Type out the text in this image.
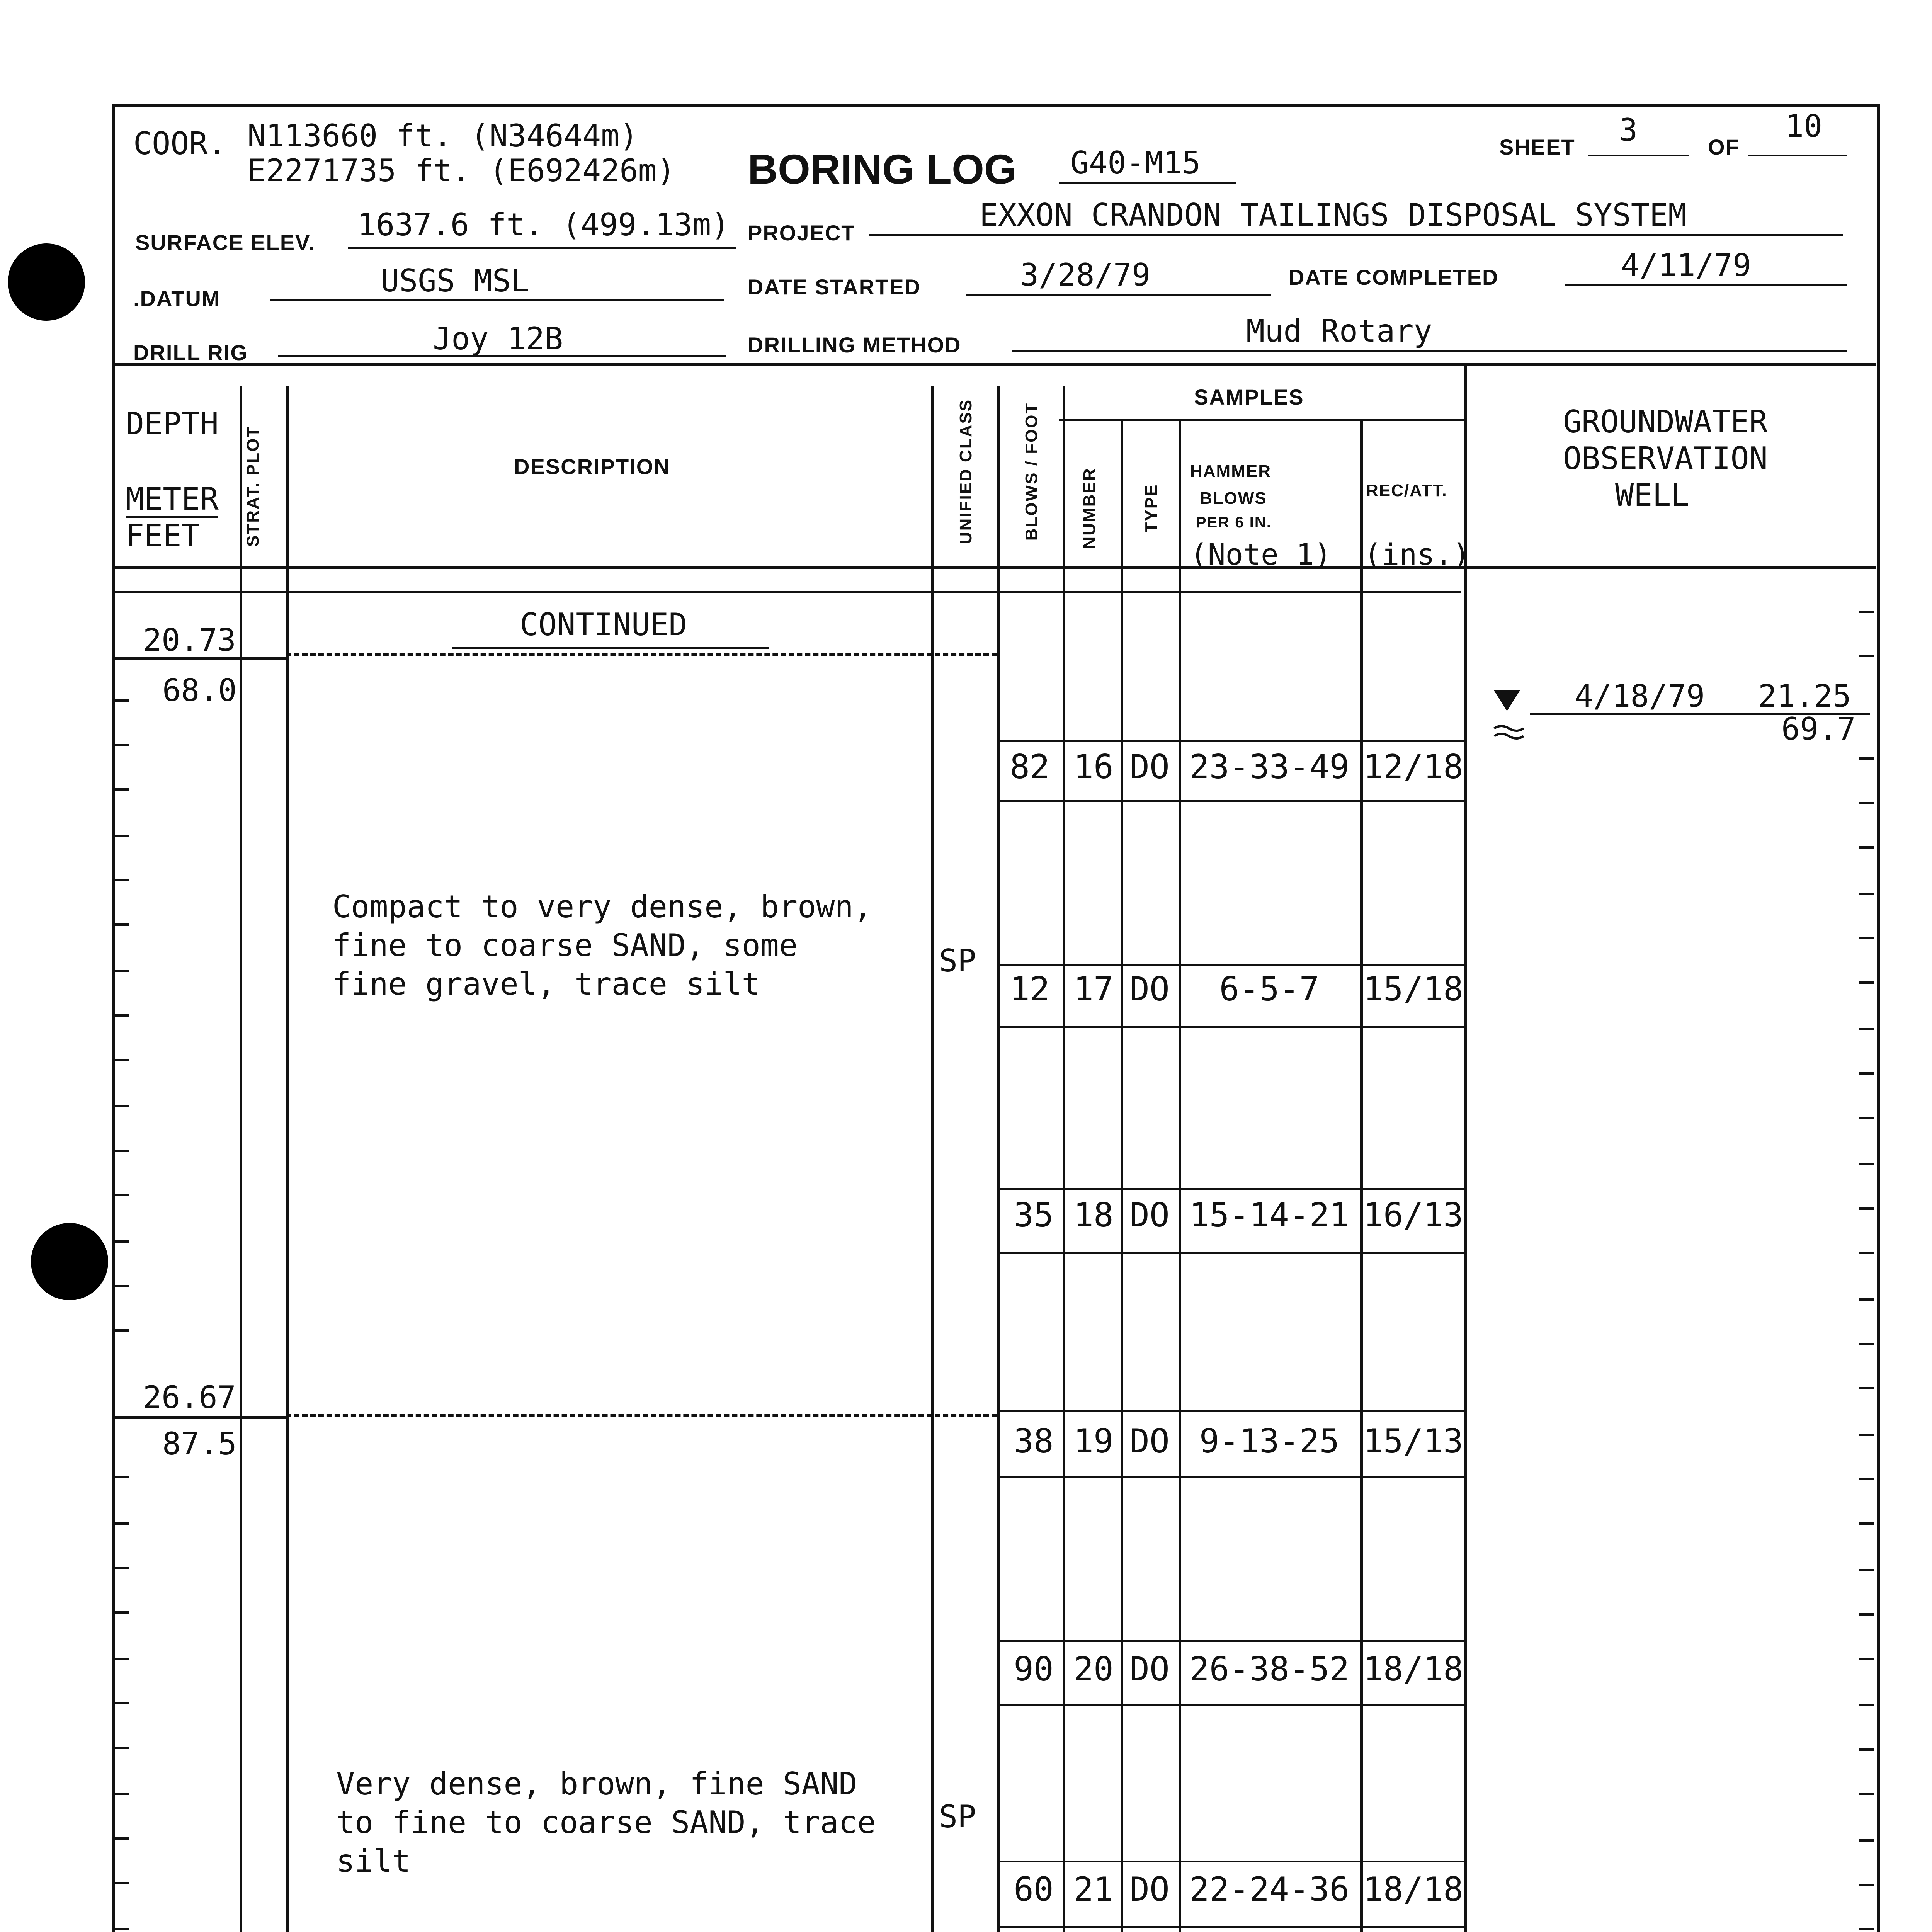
COOR. N113660 ft. (N34644m)
E2271735 ft. (E692426m) BORING LOG G40-M15	SHEET 3	OF
10
SURFACE ELEV. 1637.6 ft. (499.13m) PROJECT	EXXON CRANDON TAILINGS DISPOSAL SYSTEM
.DATUM	USGS MSL	DATE STARTED	3/28/79	DATE COMPLETED	4/11/79
DRILL RIG	Joy 12B	DRILLING METHOD	Mud Rotary
DEPTH
METER
FEET	STRAT. PLOT	DESCRIPTION	UNIFIED CLASS	BLOWS / FOOT
SAMPLES
NUMBER	TYPE
HAMMER
BLOWS
PER 6 IN.
(Note 1)
REC/ATT.
(ins.)
GROUNDWATER
OBSERVATION
WELL
CONTINUED
20.73
68.0
26.67
87.5
Compact to very dense, brown,
fine to coarse SAND, some
fine gravel, trace silt
SP
Very dense, brown, fine SAND
to fine to coarse SAND, trace
silt
SP
82 16 DO 23-33-49 12/18
12 17 DO	6-5-7	15/18
35 18 DO 15-14-21 16/13
38 19 DO 9-13-25 15/13
90 20 DO 26-38-52 18/18
60 21 DO 22-24-36 18/18
4/18/79 21.25
69.7
